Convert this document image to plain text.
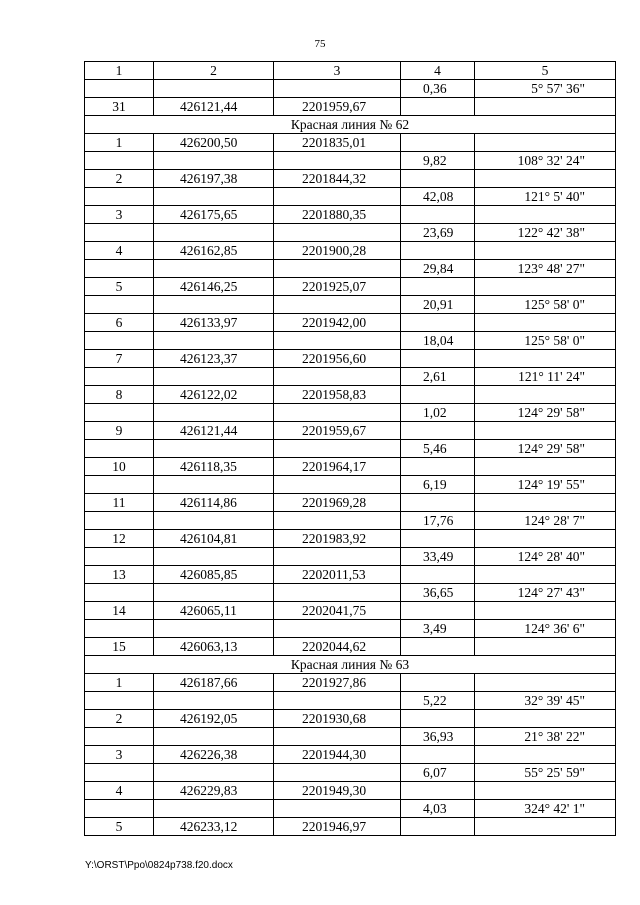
75
1	2	3	4	5
			0,36	5° 57' 36"
31	426121,44	2201959,67		
Красная линия № 62				
1	426200,50	2201835,01		
			9,82	108° 32' 24"
2	426197,38	2201844,32		
			42,08	121° 5' 40"
3	426175,65	2201880,35		
			23,69	122° 42' 38"
4	426162,85	2201900,28		
			29,84	123° 48' 27"
5	426146,25	2201925,07		
			20,91	125° 58' 0"
6	426133,97	2201942,00		
			18,04	125° 58' 0"
7	426123,37	2201956,60		
			2,61	121° 11' 24"
8	426122,02	2201958,83		
			1,02	124° 29' 58"
9	426121,44	2201959,67		
			5,46	124° 29' 58"
10	426118,35	2201964,17		
			6,19	124° 19' 55"
11	426114,86	2201969,28		
			17,76	124° 28' 7"
12	426104,81	2201983,92		
			33,49	124° 28' 40"
13	426085,85	2202011,53		
			36,65	124° 27' 43"
14	426065,11	2202041,75		
			3,49	124° 36' 6"
15	426063,13	2202044,62		
Красная линия № 63				
1	426187,66	2201927,86		
			5,22	32° 39' 45"
2	426192,05	2201930,68		
			36,93	21° 38' 22"
3	426226,38	2201944,30		
			6,07	55° 25' 59"
4	426229,83	2201949,30		
			4,03	324° 42' 1"
5	426233,12	2201946,97		
Y:\ORST\Ppo\0824p738.f20.docx
